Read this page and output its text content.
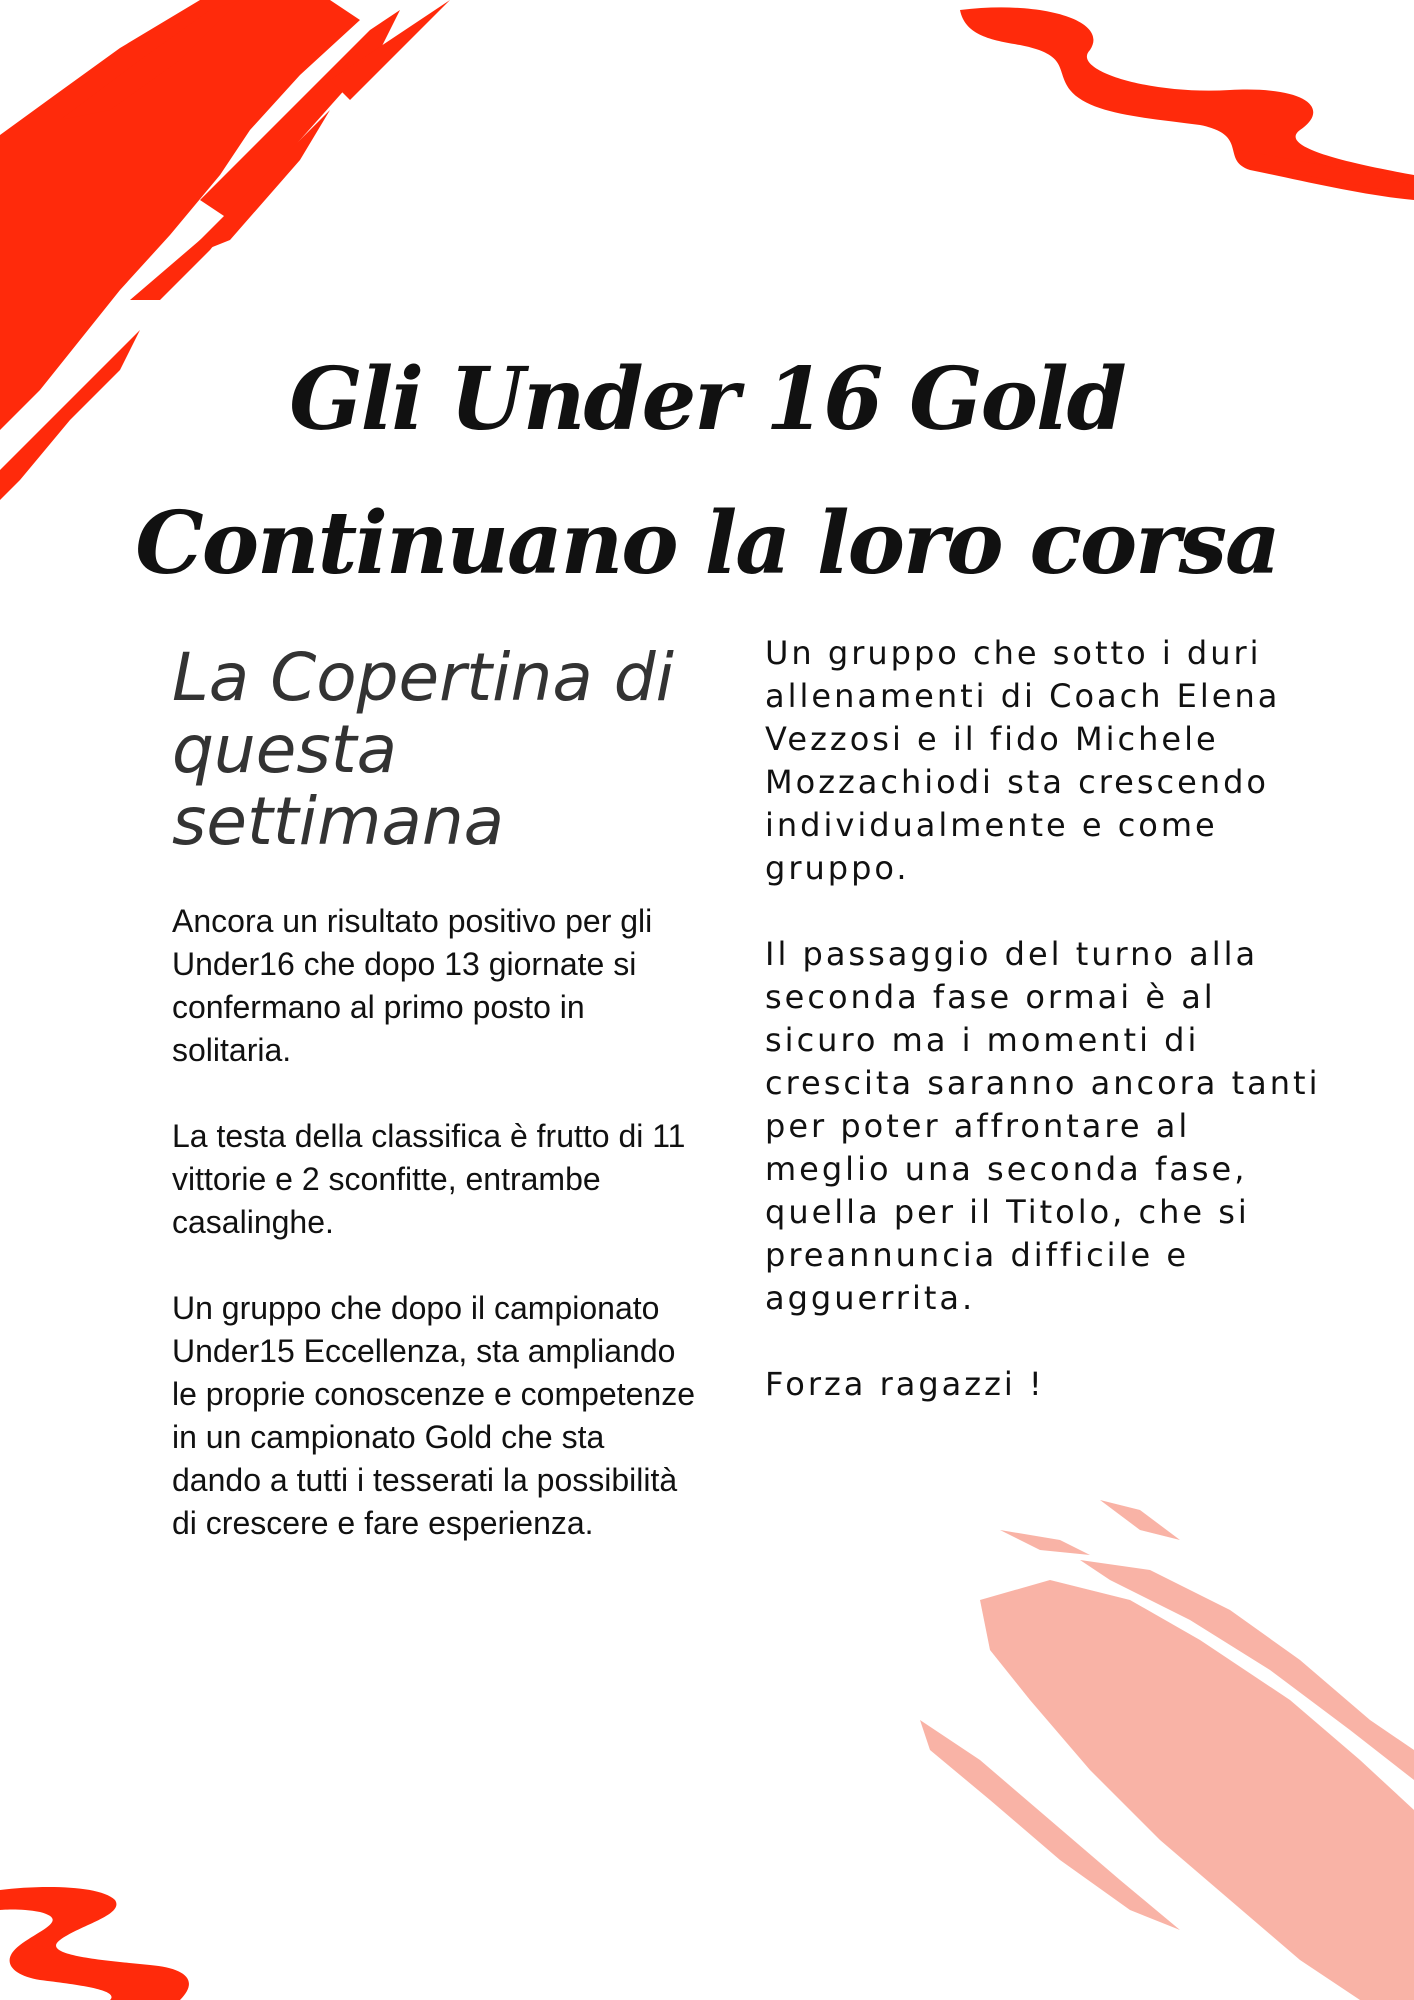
Gli Under 16 Gold
Continuano la loro corsa
La Copertina di questa settimana

Ancora un risultato positivo per gli Under16 che dopo 13 giornate si confermano al primo posto in solitaria.

La testa della classifica è frutto di 11 vittorie e 2 sconfitte, entrambe casalinghe.

Un gruppo che dopo il campionato Under15 Eccellenza, sta ampliando le proprie conoscenze e competenze in un campionato Gold che sta dando a tutti i tesserati la possibilità di crescere e fare esperienza.

Un gruppo che sotto i duri allenamenti di Coach Elena Vezzosi e il fido Michele Mozzachiodi sta crescendo individualmente e come gruppo.

Il passaggio del turno alla seconda fase ormai è al sicuro ma i momenti di crescita saranno ancora tanti per poter affrontare al meglio una seconda fase, quella per il Titolo, che si preannuncia difficile e agguerrita.

Forza ragazzi !
